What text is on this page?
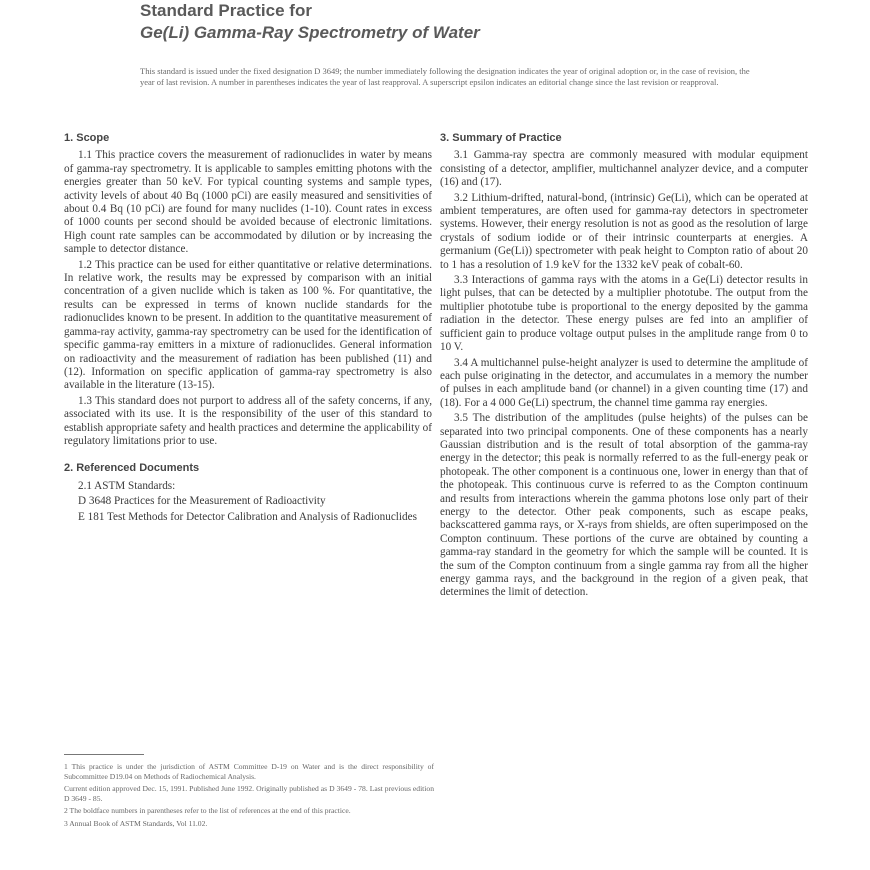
Standard Practice for
Ge(Li) Gamma-Ray Spectrometry of Water
This standard is issued under the fixed designation D 3649; the number immediately following the designation indicates the year of original adoption or, in the case of revision, the year of last revision. A number in parentheses indicates the year of last reapproval. A superscript epsilon indicates an editorial change since the last revision or reapproval.
1. Scope

1.1 This practice covers the measurement of radionuclides in water by means of gamma-ray spectrometry. It is applicable to samples emitting photons with the energies greater than 50 keV. For typical counting systems and sample types, activity levels of about 40 Bq (1000 pCi) are easily measured and sensitivities of about 0.4 Bq (10 pCi) are found for many nuclides (1-10). Count rates in excess of 1000 counts per second should be avoided because of electronic limitations. High count rate samples can be accommodated by dilution or by increasing the sample to detector distance.

1.2 This practice can be used for either quantitative or relative determinations. In relative work, the results may be expressed by comparison with an initial concentration of a given nuclide which is taken as 100 %. For quantitative, the results can be expressed in terms of known nuclide standards for the radionuclides known to be present. In addition to the quantitative measurement of gamma-ray activity, gamma-ray spectrometry can be used for the identification of specific gamma-ray emitters in a mixture of radionuclides. General information on radioactivity and the measurement of radiation has been published (11) and (12). Information on specific application of gamma-ray spectrometry is also available in the literature (13-15).

1.3 This standard does not purport to address all of the safety concerns, if any, associated with its use. It is the responsibility of the user of this standard to establish appropriate safety and health practices and determine the applicability of regulatory limitations prior to use.

2. Referenced Documents
2.1 ASTM Standards:
D 3648 Practices for the Measurement of Radioactivity
E 181 Test Methods for Detector Calibration and Analysis of Radionuclides

1 This practice is under the jurisdiction of ASTM Committee D-19 on Water and is the direct responsibility of Subcommittee D19.04 on Methods of Radiochemical Analysis.

Current edition approved Dec. 15, 1991. Published June 1992. Originally published as D 3649 - 78. Last previous edition D 3649 - 85.

2 The boldface numbers in parentheses refer to the list of references at the end of this practice.

3 Annual Book of ASTM Standards, Vol 11.02.

3. Summary of Practice

3.1 Gamma-ray spectra are commonly measured with modular equipment consisting of a detector, amplifier, multichannel analyzer device, and a computer (16) and (17).

3.2 Lithium-drifted, natural-bond, (intrinsic) Ge(Li), which can be operated at ambient temperatures, are often used for gamma-ray detectors in spectrometer systems. However, their energy resolution is not as good as the resolution of large crystals of sodium iodide or of their intrinsic counterparts at energies. A germanium (Ge(Li)) spectrometer with peak height to Compton ratio of about 20 to 1 has a resolution of 1.9 keV for the 1332 keV peak of cobalt-60.

3.3 Interactions of gamma rays with the atoms in a Ge(Li) detector results in light pulses, that can be detected by a multiplier phototube. The output from the multiplier phototube tube is proportional to the energy deposited by the gamma radiation in the detector. These energy pulses are fed into an amplifier of sufficient gain to produce voltage output pulses in the amplitude range from 0 to 10 V.

3.4 A multichannel pulse-height analyzer is used to determine the amplitude of each pulse originating in the detector, and accumulates in a memory the number of pulses in each amplitude band (or channel) in a given counting time (17) and (18). For a 4 000 Ge(Li) spectrum, the channel time gamma ray energies.

3.5 The distribution of the amplitudes (pulse heights) of the pulses can be separated into two principal components. One of these components has a nearly Gaussian distribution and is the result of total absorption of the gamma-ray energy in the detector; this peak is normally referred to as the full-energy peak or photopeak. The other component is a continuous one, lower in energy than that of the photopeak. This continuous curve is referred to as the Compton continuum and results from interactions wherein the gamma photons lose only part of their energy to the detector. Other peak components, such as escape peaks, backscattered gamma rays, or X-rays from shields, are often superimposed on the Compton continuum. These portions of the curve are obtained by counting a gamma-ray standard in the geometry for which the sample will be counted. It is the sum of the Compton continuum from a single gamma ray from all the higher energy gamma rays, and the background in the region of a given peak, that determines the limit of detection.
